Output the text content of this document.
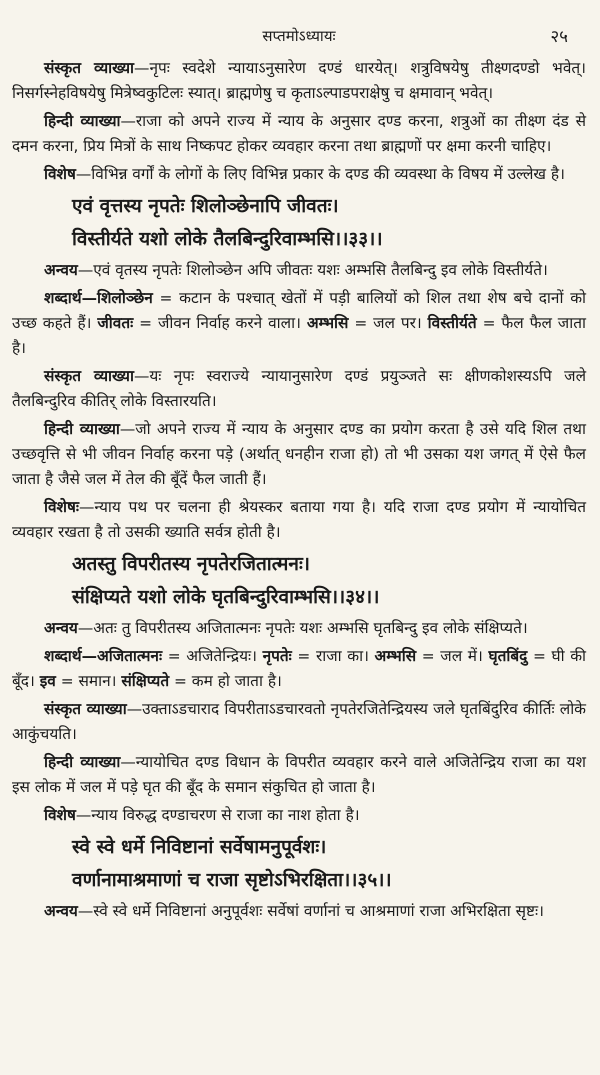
सप्तमोऽध्यायः	२५

संस्कृत व्याख्या—नृपः स्वदेशे न्यायाऽनुसारेण दण्डं धारयेत्। शत्रुविषयेषु तीक्ष्णदण्डो भवेत्। निसर्गस्नेहविषयेषु मित्रेष्वकुटिलः स्यात्। ब्राह्मणेषु च कृताऽल्पाडपराक्षेषु च क्षमावान् भवेत्।

हिन्दी व्याख्या—राजा को अपने राज्य में न्याय के अनुसार दण्ड करना, शत्रुओं का तीक्ष्ण दंड से दमन करना, प्रिय मित्रों के साथ निष्कपट होकर व्यवहार करना तथा ब्राह्मणों पर क्षमा करनी चाहिए।

विशेष—विभिन्न वर्गों के लोगों के लिए विभिन्न प्रकार के दण्ड की व्यवस्था के विषय में उल्लेख है।

एवं वृत्तस्य नृपतेः शिलोञ्छेनापि जीवतः।
विस्तीर्यते यशो लोके तैलबिन्दुरिवाम्भसि।।३३।।

अन्वय—एवं वृतस्य नृपतेः शिलोञ्छेन अपि जीवतः यशः अम्भसि तैलबिन्दु इव लोके विस्तीर्यते।

शब्दार्थ—शिलोञ्छेन = कटान के पश्चात् खेतों में पड़ी बालियों को शिल तथा शेष बचे दानों को उच्छ कहते हैं। जीवतः = जीवन निर्वाह करने वाला। अम्भसि = जल पर। विस्तीर्यते = फैल फैल जाता है।

संस्कृत व्याख्या—यः नृपः स्वराज्ये न्यायानुसारेण दण्डं प्रयुञ्जते सः क्षीणकोशस्यऽपि जले तैलबिन्दुरिव कीतिर् लोके विस्तारयति।

हिन्दी व्याख्या—जो अपने राज्य में न्याय के अनुसार दण्ड का प्रयोग करता है उसे यदि शिल तथा उच्छवृत्ति से भी जीवन निर्वाह करना पड़े (अर्थात् धनहीन राजा हो) तो भी उसका यश जगत् में ऐसे फैल जाता है जैसे जल में तेल की बूँदें फैल जाती हैं।

विशेषः—न्याय पथ पर चलना ही श्रेयस्कर बताया गया है। यदि राजा दण्ड प्रयोग में न्यायोचित व्यवहार रखता है तो उसकी ख्याति सर्वत्र होती है।

अतस्तु विपरीतस्य नृपतेरजितात्मनः।
संक्षिप्यते यशो लोके घृतबिन्दुरिवाम्भसि।।३४।।

अन्वय—अतः तु विपरीतस्य अजितात्मनः नृपतेः यशः अम्भसि घृतबिन्दु इव लोके संक्षिप्यते।

शब्दार्थ—अजितात्मनः = अजितेन्द्रियः। नृपतेः = राजा का। अम्भसि = जल में। घृतबिंदु = घी की बूँद। इव = समान। संक्षिप्यते = कम हो जाता है।

संस्कृत व्याख्या—उक्ताऽडचाराद विपरीताऽडचारवतो नृपतेरजितेन्द्रियस्य जले घृतबिंदुरिव कीर्तिः लोके आकुंचयति।

हिन्दी व्याख्या—न्यायोचित दण्ड विधान के विपरीत व्यवहार करने वाले अजितेन्द्रिय राजा का यश इस लोक में जल में पड़े घृत की बूँद के समान संकुचित हो जाता है।

विशेष—न्याय विरुद्ध दण्डाचरण से राजा का नाश होता है।

स्वे स्वे धर्मे निविष्टानां सर्वेषामनुपूर्वशः।
वर्णानामाश्रमाणां च राजा सृष्टोऽभिरक्षिता।।३५।।

अन्वय—स्वे स्वे धर्मे निविष्टानां अनुपूर्वशः सर्वेषां वर्णानां च आश्रमाणां राजा अभिरक्षिता सृष्टः।
